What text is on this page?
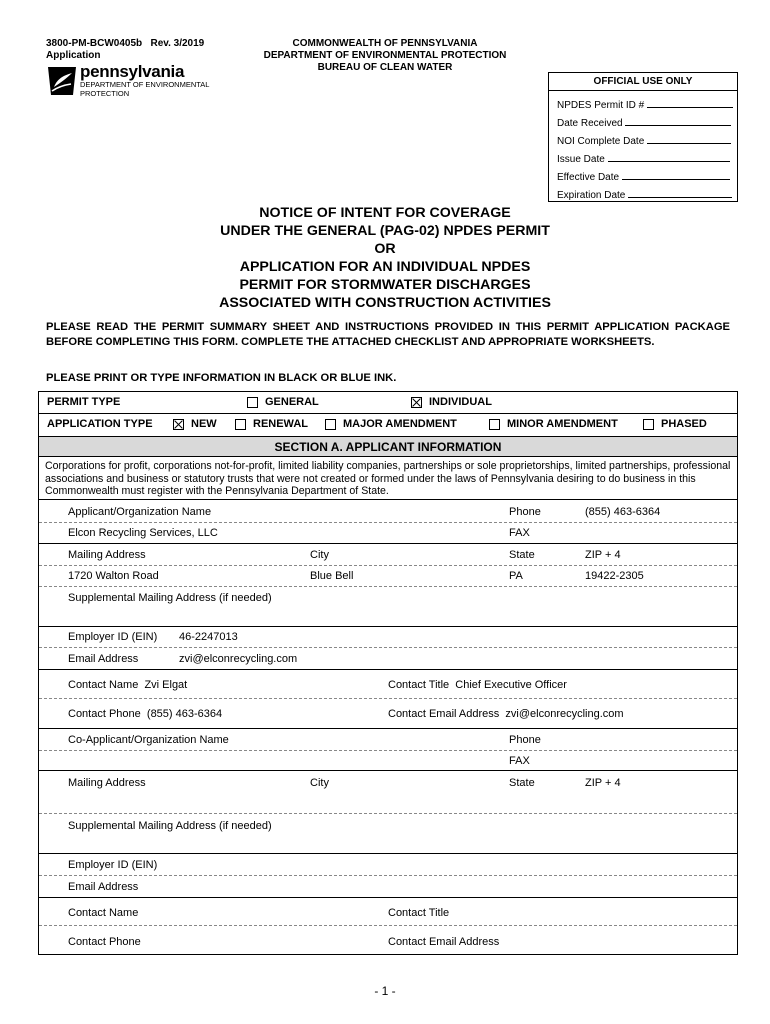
3800-PM-BCW0405b   Rev. 3/2019
Application
COMMONWEALTH OF PENNSYLVANIA
DEPARTMENT OF ENVIRONMENTAL PROTECTION
BUREAU OF CLEAN WATER
pennsylvania
DEPARTMENT OF ENVIRONMENTAL
PROTECTION
OFFICIAL USE ONLY
NPDES Permit ID #
Date Received
NOI Complete Date
Issue Date
Effective Date
Expiration Date
NOTICE OF INTENT FOR COVERAGE
UNDER THE GENERAL (PAG-02) NPDES PERMIT
OR
APPLICATION FOR AN INDIVIDUAL NPDES
PERMIT FOR STORMWATER DISCHARGES
ASSOCIATED WITH CONSTRUCTION ACTIVITIES
PLEASE READ THE PERMIT SUMMARY SHEET AND INSTRUCTIONS PROVIDED IN THIS PERMIT APPLICATION PACKAGE BEFORE COMPLETING THIS FORM. COMPLETE THE ATTACHED CHECKLIST AND APPROPRIATE WORKSHEETS.
PLEASE PRINT OR TYPE INFORMATION IN BLACK OR BLUE INK.
PERMIT TYPE	GENERAL	INDIVIDUAL
APPLICATION TYPE	NEW	RENEWAL	MAJOR AMENDMENT	MINOR AMENDMENT	PHASED
SECTION A. APPLICANT INFORMATION
Corporations for profit, corporations not-for-profit, limited liability companies, partnerships or sole proprietorships, limited partnerships, professional associations and business or statutory trusts that were not created or formed under the laws of Pennsylvania desiring to do business in this Commonwealth must register with the Pennsylvania Department of State.
Applicant/Organization Name	Phone	(855) 463-6364
Elcon Recycling Services, LLC	FAX
Mailing Address	City	State	ZIP + 4
1720 Walton Road	Blue Bell	PA	19422-2305
Supplemental Mailing Address (if needed)
Employer ID (EIN) 46-2247013
Email Address	zvi@elconrecycling.com
Contact Name Zvi Elgat	Contact Title Chief Executive Officer
Contact Phone (855) 463-6364	Contact Email Address zvi@elconrecycling.com
Co-Applicant/Organization Name	Phone
FAX
Mailing Address	City	State	ZIP + 4
Supplemental Mailing Address (if needed)
Employer ID (EIN)
Email Address
Contact Name	Contact Title
Contact Phone	Contact Email Address
- 1 -
